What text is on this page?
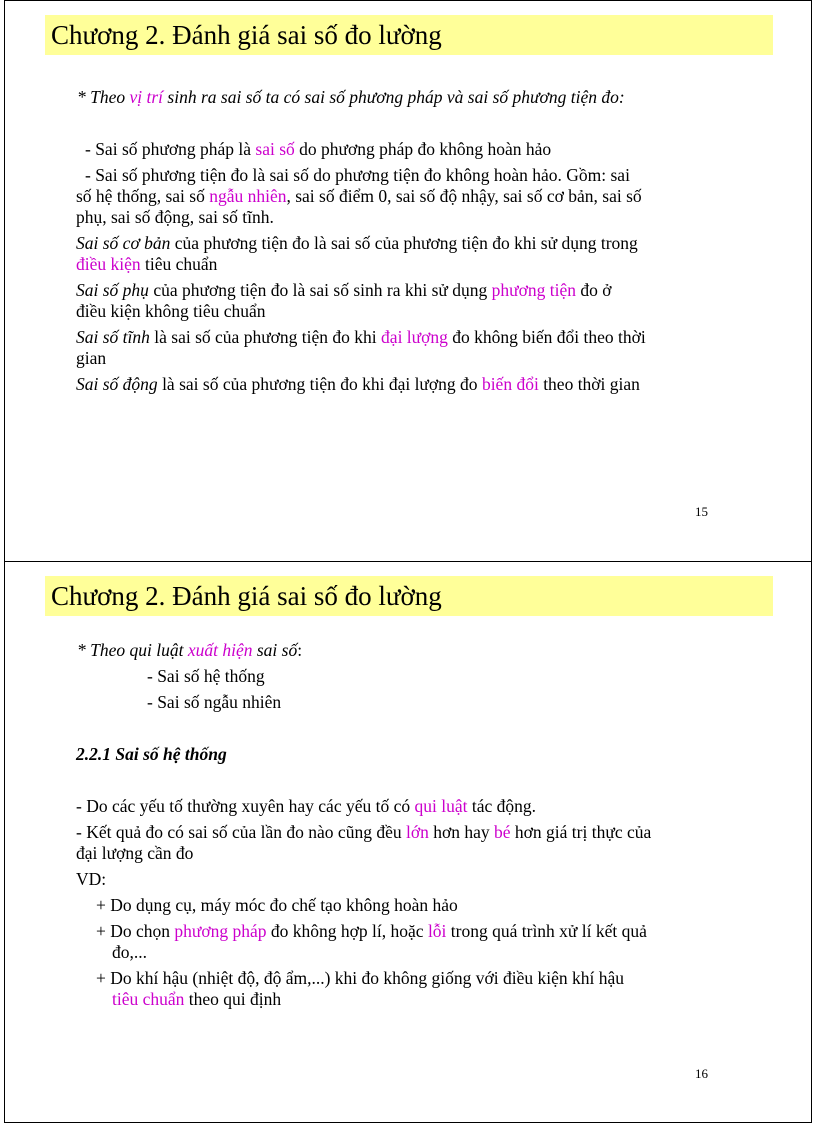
Chương 2. Đánh giá sai số đo lường
* Theo vị trí sinh ra sai số ta có sai số phương pháp và sai số phương tiện đo:
- Sai số phương pháp là sai số do phương pháp đo không hoàn hảo
- Sai số phương tiện đo là sai số do phương tiện đo không hoàn hảo. Gồm: sai
số hệ thống, sai số ngẫu nhiên, sai số điểm 0, sai số độ nhậy, sai số cơ bản, sai số
phụ, sai số động, sai số tĩnh.
Sai số cơ bản của phương tiện đo là sai số của phương tiện đo khi sử dụng trong
điều kiện tiêu chuẩn
Sai số phụ của phương tiện đo là sai số sinh ra khi sử dụng phương tiện đo ở
điều kiện không tiêu chuẩn
Sai số tĩnh là sai số của phương tiện đo khi đại lượng đo không biến đổi theo thời
gian
Sai số động là sai số của phương tiện đo khi đại lượng đo biến đổi theo thời gian
15
Chương 2. Đánh giá sai số đo lường
* Theo qui luật xuất hiện sai số:
- Sai số hệ thống
- Sai số ngẫu nhiên
2.2.1 Sai số hệ thống
- Do các yếu tố thường xuyên hay các yếu tố có qui luật tác động.
- Kết quả đo có sai số của lần đo nào cũng đều lớn hơn hay bé hơn giá trị thực của
đại lượng cần đo
VD:
+ Do dụng cụ, máy móc đo chế tạo không hoàn hảo
+ Do chọn phương pháp đo không hợp lí, hoặc lỗi trong quá trình xử lí kết quả
đo,...
+ Do khí hậu (nhiệt độ, độ ẩm,...) khi đo không giống với điều kiện khí hậu
tiêu chuẩn theo qui định
16
